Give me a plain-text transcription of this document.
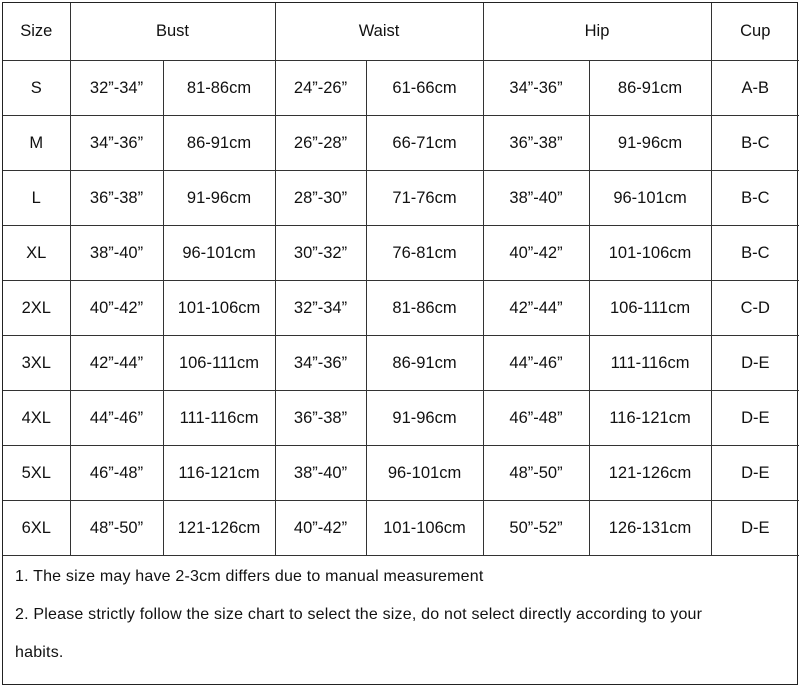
Size	Bust		Waist		Hip		Cup
S	32”-34”	81-86cm	24”-26”	61-66cm	34”-36”	86-91cm	A-B
M	34”-36”	86-91cm	26”-28”	66-71cm	36”-38”	91-96cm	B-C
L	36”-38”	91-96cm	28”-30”	71-76cm	38”-40”	96-101cm	B-C
XL	38”-40”	96-101cm	30”-32”	76-81cm	40”-42”	101-106cm	B-C
2XL	40”-42”	101-106cm	32”-34”	81-86cm	42”-44”	106-111cm	C-D
3XL	42”-44”	106-111cm	34”-36”	86-91cm	44”-46”	111-116cm	D-E
4XL	44”-46”	111-116cm	36”-38”	91-96cm	46”-48”	116-121cm	D-E
5XL	46”-48”	116-121cm	38”-40”	96-101cm	48”-50”	121-126cm	D-E
6XL	48”-50”	121-126cm	40”-42”	101-106cm	50”-52”	126-131cm	D-E

1. The size may have 2-3cm differs due to manual measurement

2. Please strictly follow the size chart to select the size, do not select directly according to your

habits.
